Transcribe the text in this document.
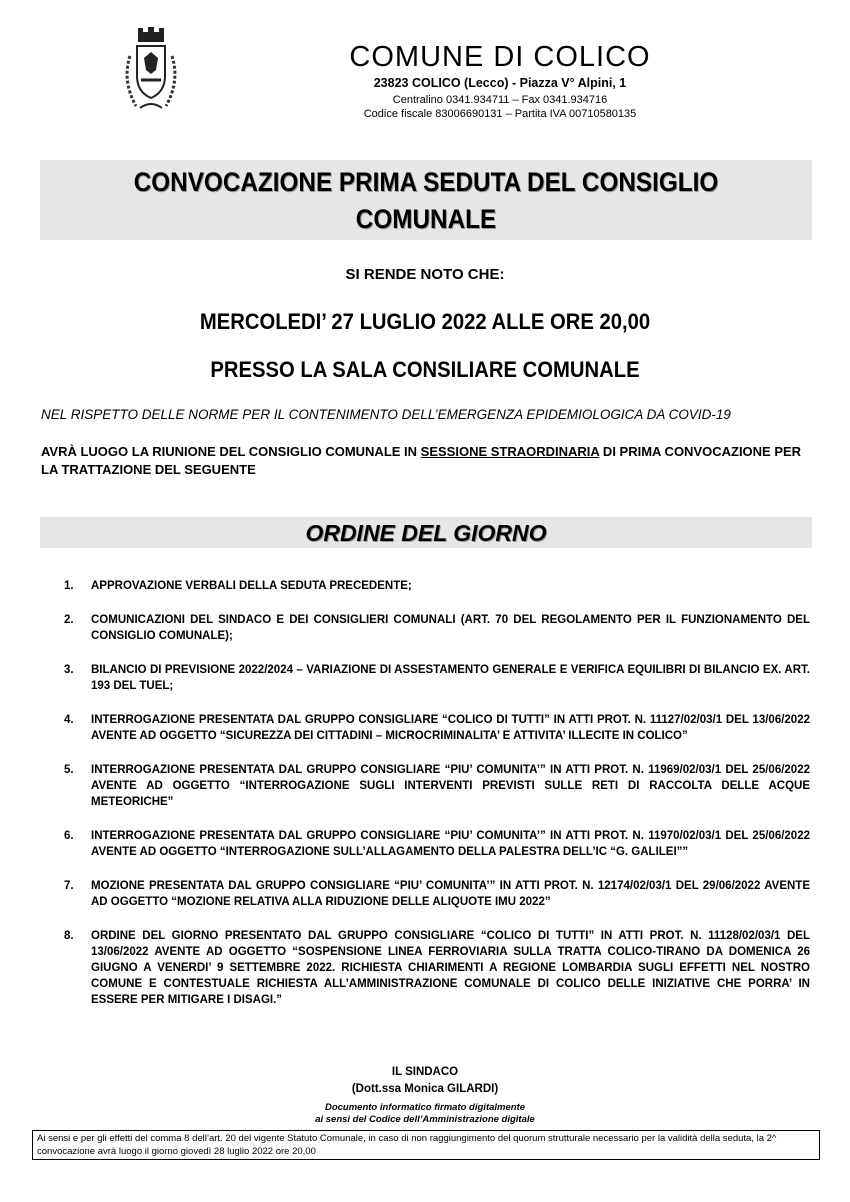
COMUNE DI COLICO
23823 COLICO (Lecco) - Piazza V° Alpini, 1
Centralino 0341.934711 – Fax 0341.934716
Codice fiscale 83006690131 – Partita IVA 00710580135
CONVOCAZIONE PRIMA SEDUTA DEL CONSIGLIO
COMUNALE
SI RENDE NOTO CHE:
MERCOLEDI’ 27 LUGLIO 2022 ALLE ORE 20,00
PRESSO LA SALA CONSILIARE COMUNALE
NEL RISPETTO DELLE NORME PER IL CONTENIMENTO DELL’EMERGENZA EPIDEMIOLOGICA DA COVID-19
AVRÀ LUOGO LA RIUNIONE DEL CONSIGLIO COMUNALE IN SESSIONE STRAORDINARIA DI PRIMA CONVOCAZIONE PER LA TRATTAZIONE DEL SEGUENTE
ORDINE DEL GIORNO
1. APPROVAZIONE VERBALI DELLA SEDUTA PRECEDENTE;
2. COMUNICAZIONI DEL SINDACO E DEI CONSIGLIERI COMUNALI (ART. 70 DEL REGOLAMENTO PER IL FUNZIONAMENTO DEL CONSIGLIO COMUNALE);
3. BILANCIO DI PREVISIONE 2022/2024 – VARIAZIONE DI ASSESTAMENTO GENERALE E VERIFICA EQUILIBRI DI BILANCIO EX. ART. 193 DEL TUEL;
4. INTERROGAZIONE PRESENTATA DAL GRUPPO CONSIGLIARE “COLICO DI TUTTI” IN ATTI PROT. N. 11127/02/03/1 DEL 13/06/2022 AVENTE AD OGGETTO “SICUREZZA DEI CITTADINI – MICROCRIMINALITA’ E ATTIVITA’ ILLECITE IN COLICO”
5. INTERROGAZIONE PRESENTATA DAL GRUPPO CONSIGLIARE “PIU’ COMUNITA’” IN ATTI PROT. N. 11969/02/03/1 DEL 25/06/2022 AVENTE AD OGGETTO “INTERROGAZIONE SUGLI INTERVENTI PREVISTI SULLE RETI DI RACCOLTA DELLE ACQUE METEORICHE”
6. INTERROGAZIONE PRESENTATA DAL GRUPPO CONSIGLIARE “PIU’ COMUNITA’” IN ATTI PROT. N. 11970/02/03/1 DEL 25/06/2022 AVENTE AD OGGETTO “INTERROGAZIONE SULL’ALLAGAMENTO DELLA PALESTRA DELL’IC “G. GALILEI””
7. MOZIONE PRESENTATA DAL GRUPPO CONSIGLIARE “PIU’ COMUNITA’” IN ATTI PROT. N. 12174/02/03/1 DEL 29/06/2022 AVENTE AD OGGETTO “MOZIONE RELATIVA ALLA RIDUZIONE DELLE ALIQUOTE IMU 2022”
8. ORDINE DEL GIORNO PRESENTATO DAL GRUPPO CONSIGLIARE “COLICO DI TUTTI” IN ATTI PROT. N. 11128/02/03/1 DEL 13/06/2022 AVENTE AD OGGETTO “SOSPENSIONE LINEA FERROVIARIA SULLA TRATTA COLICO-TIRANO DA DOMENICA 26 GIUGNO A VENERDI’ 9 SETTEMBRE 2022. RICHIESTA CHIARIMENTI A REGIONE LOMBARDIA SUGLI EFFETTI NEL NOSTRO COMUNE E CONTESTUALE RICHIESTA ALL’AMMINISTRAZIONE COMUNALE DI COLICO DELLE INIZIATIVE CHE PORRA’ IN ESSERE PER MITIGARE I DISAGI.”
IL SINDACO
(Dott.ssa Monica GILARDI)
Documento informatico firmato digitalmente
ai sensi del Codice dell’Amministrazione digitale
Ai sensi e per gli effetti del comma 8 dell’art. 20 del vigente Statuto Comunale, in caso di non raggiungimento del quorum strutturale necessario per la validità della seduta, la 2^ convocazione avrà luogo il giorno giovedì 28 luglio 2022 ore 20,00
